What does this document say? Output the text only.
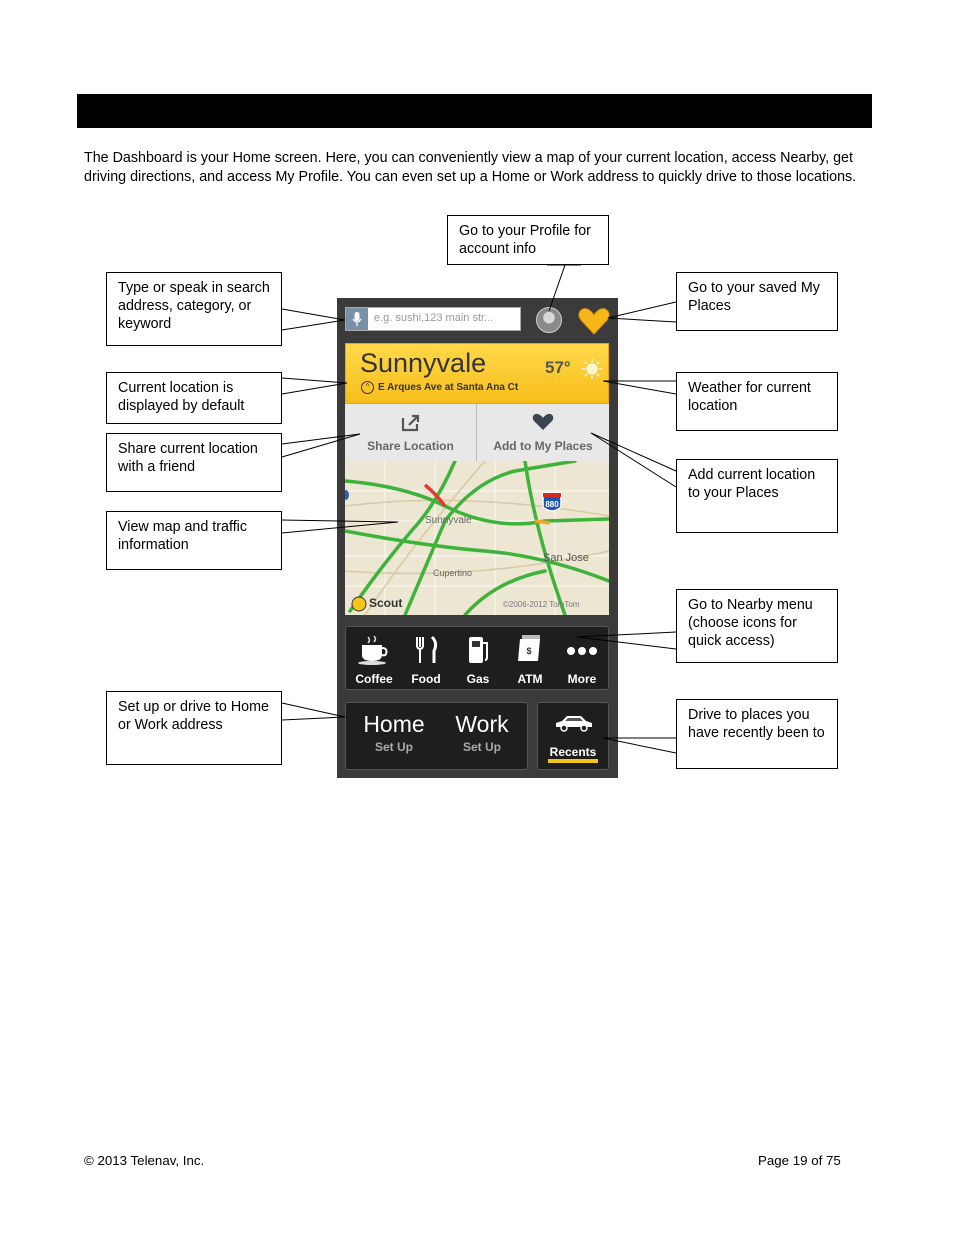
The Dashboard is your Home screen. Here, you can conveniently view a map of your current location, access Nearby, get driving directions, and access My Profile. You can even set up a Home or Work address to quickly drive to those locations.
Go to your Profile for account info
Type or speak in search address, category, or keyword
Go to your saved My Places
Current location is displayed by default
Weather for current location
Share current location with a friend	Add current location to your Places
View map and traffic information
Go to Nearby menu (choose icons for quick access)
Set up or drive to Home or Work address
Drive to places you have recently been to
e.g. sushi,123 main str...
Sunnyvale
^ E Arques Ave at Santa Ana Ct
57°
Share Location	Add to My Places
880
Sunnyvale
San Jose
Cupertino
©2006-2012 TomTom
Scout
Coffee	Food	Gas
$
ATM	More
Home
Set Up
Work
Set Up	Recents
© 2013 Telenav, Inc.	Page 19 of 75
